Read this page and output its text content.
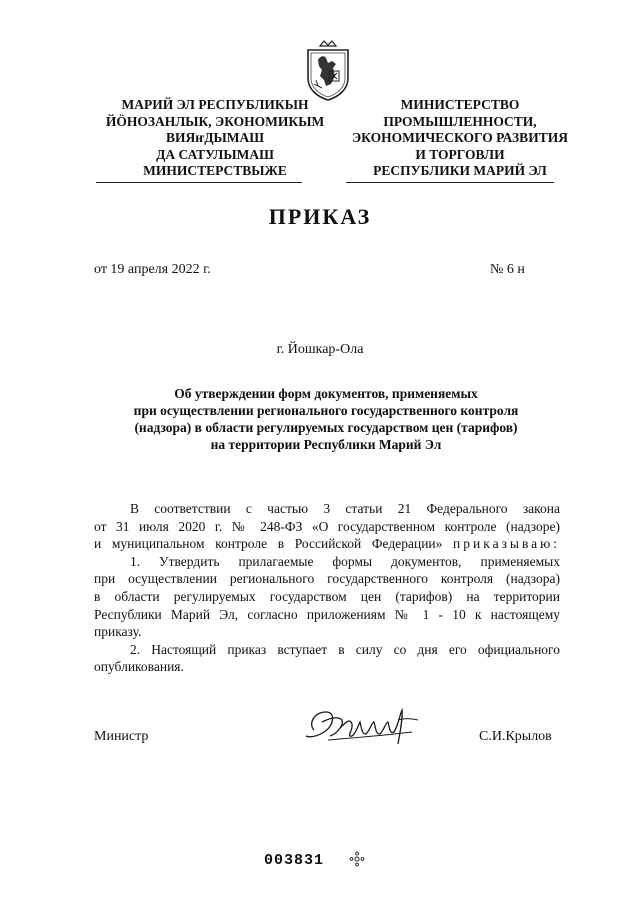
МАРИЙ ЭЛ РЕСПУБЛИКЫН
ЙӦНОЗАНЛЫК, ЭКОНОМИКЫМ
ВИЯҥДЫМАШ
ДА САТУЛЫМАШ
МИНИСТЕРСТВЫЖЕ
МИНИСТЕРСТВО
ПРОМЫШЛЕННОСТИ,
ЭКОНОМИЧЕСКОГО РАЗВИТИЯ
И ТОРГОВЛИ
РЕСПУБЛИКИ МАРИЙ ЭЛ
ПРИКАЗ
от 19 апреля 2022 г.	№ 6 н
г. Йошкар-Ола
Об утверждении форм документов, применяемых
при осуществлении регионального государственного контроля
(надзора) в области регулируемых государством цен (тарифов)
на территории Республики Марий Эл
В соответствии с частью 3 статьи 21 Федерального закона
от 31 июля 2020 г. № 248-ФЗ «О государственном контроле (надзоре)
и муниципальном контроле в Российской Федерации» приказываю:
1. Утвердить прилагаемые формы документов, применяемых
при осуществлении регионального государственного контроля (надзора)
в области регулируемых государством цен (тарифов) на территории
Республики Марий Эл, согласно приложениям № 1 - 10 к настоящему
приказу.
2. Настоящий приказ вступает в силу со дня его официального
опубликования.
Министр	С.И.Крылов
003831
